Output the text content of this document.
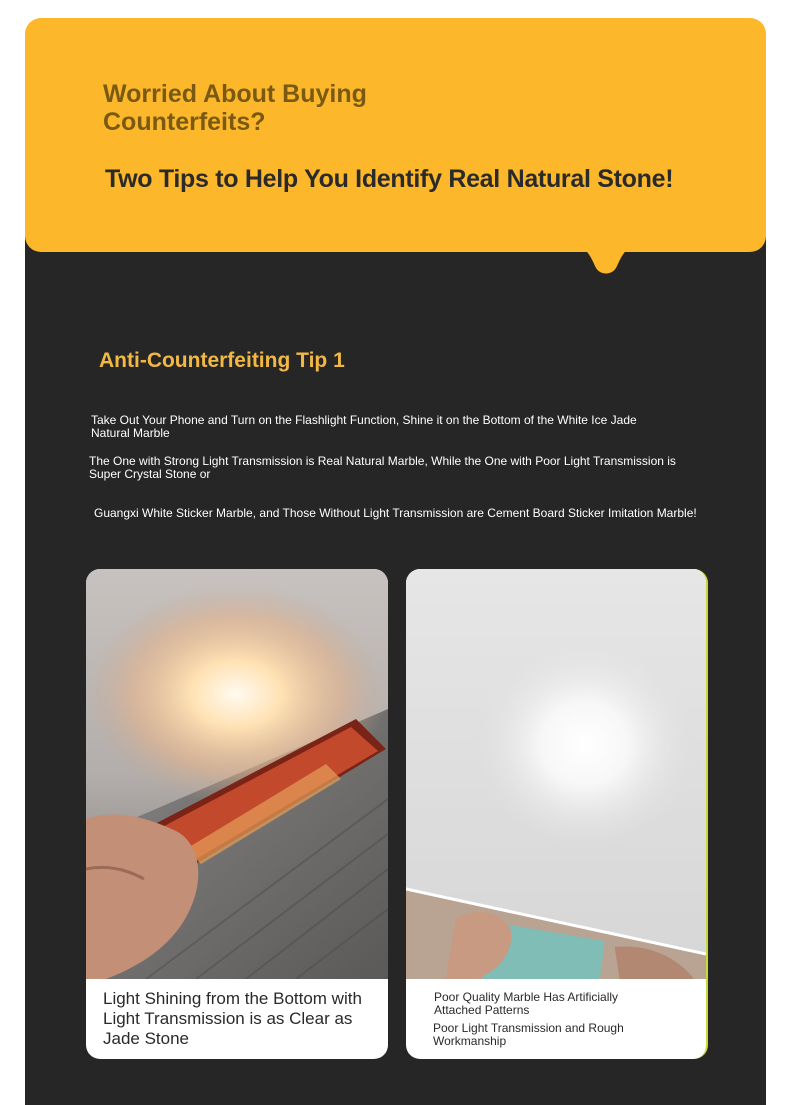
Worried About Buying Counterfeits?
Two Tips to Help You Identify Real Natural Stone!
Anti-Counterfeiting Tip 1
Take Out Your Phone and Turn on the Flashlight Function, Shine it on the Bottom of the White Ice Jade Natural Marble
The One with Strong Light Transmission is Real Natural Marble, While the One with Poor Light Transmission is Super Crystal Stone or
Guangxi White Sticker Marble, and Those Without Light Transmission are Cement Board Sticker Imitation Marble!
Light Shining from the Bottom with Light Transmission is as Clear as Jade Stone
Poor Quality Marble Has Artificially Attached Patterns
Poor Light Transmission and Rough Workmanship
